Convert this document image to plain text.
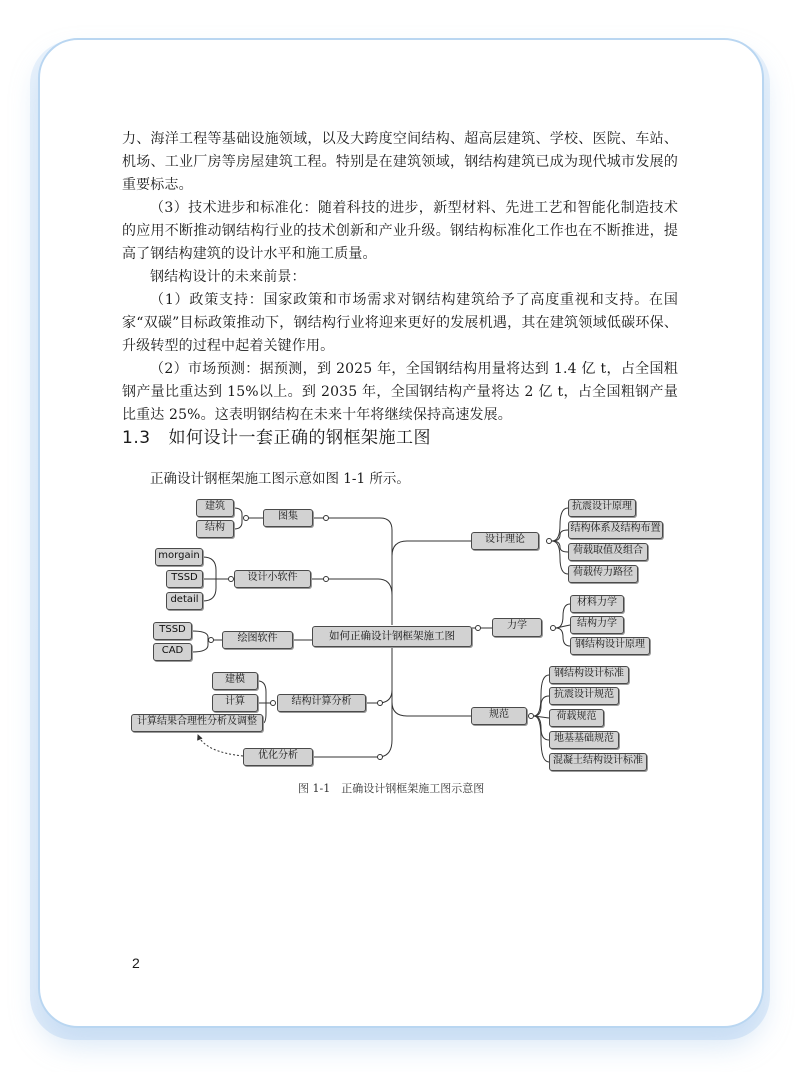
力、海洋工程等基础设施领域，以及大跨度空间结构、超高层建筑、学校、医院、车站、机场、工业厂房等房屋建筑工程。特别是在建筑领域，钢结构建筑已成为现代城市发展的重要标志。

（3）技术进步和标准化：随着科技的进步，新型材料、先进工艺和智能化制造技术的应用不断推动钢结构行业的技术创新和产业升级。钢结构标准化工作也在不断推进，提高了钢结构建筑的设计水平和施工质量。

钢结构设计的未来前景：

（1）政策支持：国家政策和市场需求对钢结构建筑给予了高度重视和支持。在国家“双碳”目标政策推动下，钢结构行业将迎来更好的发展机遇，其在建筑领域低碳环保、升级转型的过程中起着关键作用。

（2）市场预测：据预测，到 2025 年，全国钢结构用量将达到 1.4 亿 t，占全国粗钢产量比重达到 15%以上。到 2035 年，全国钢结构产量将达 2 亿 t，占全国粗钢产量比重达 25%。这表明钢结构在未来十年将继续保持高速发展。

1.3 如何设计一套正确的钢框架施工图
正确设计钢框架施工图示意如图 1-1 所示。
建筑
结构
图集
morgain
TSSD
detail
设计小软件
TSSD
CAD
绘图软件
建模
计算
计算结果合理性分析及调整
结构计算分析
优化分析
如何正确设计钢框架施工图
设计理论
抗震设计原理
结构体系及结构布置
荷载取值及组合
荷载传力路径
力学
材料力学
结构力学
钢结构设计原理
规范
钢结构设计标准
抗震设计规范
荷载规范
地基基础规范
混凝土结构设计标准
图 1-1　正确设计钢框架施工图示意图
2
